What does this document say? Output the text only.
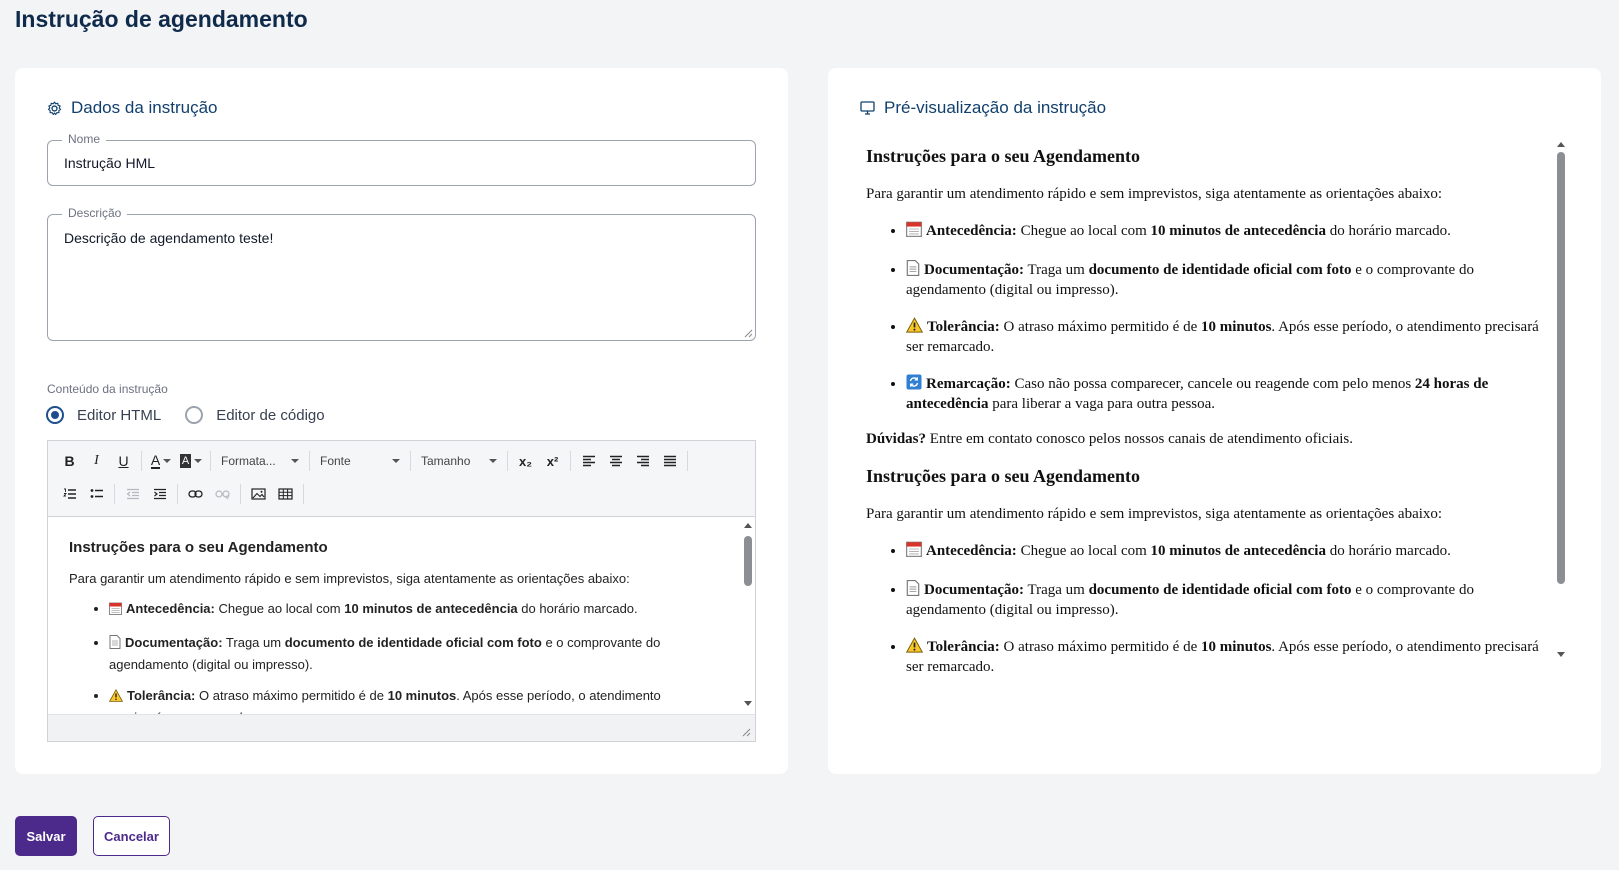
Instrução de agendamento
Dados da instrução
Nome
Instrução HML
Descrição
Descrição de agendamento teste!
Conteúdo da instrução
Editor HTML	Editor de código
B	I	U	A A	Formata...	Fonte	Tamanho	x₂	x²
Instruções para o seu Agendamento

Para garantir um atendimento rápido e sem imprevistos, siga atentamente as orientações abaixo:

• Antecedência: Chegue ao local com 10 minutos de antecedência do horário marcado.
• Documentação: Traga um documento de identidade oficial com foto e o comprovante do agendamento (digital ou impresso).
• Tolerância: O atraso máximo permitido é de 10 minutos. Após esse período, o atendimento
Pré-visualização da instrução
Instruções para o seu Agendamento
Para garantir um atendimento rápido e sem imprevistos, siga atentamente as orientações abaixo:
• Antecedência: Chegue ao local com 10 minutos de antecedência do horário marcado.
• Documentação: Traga um documento de identidade oficial com foto e o comprovante do agendamento (digital ou impresso).
• Tolerância: O atraso máximo permitido é de 10 minutos. Após esse período, o atendimento precisará ser remarcado.
• Remarcação: Caso não possa comparecer, cancele ou reagende com pelo menos 24 horas de antecedência para liberar a vaga para outra pessoa.
Dúvidas? Entre em contato conosco pelos nossos canais de atendimento oficiais.
Instruções para o seu Agendamento
Para garantir um atendimento rápido e sem imprevistos, siga atentamente as orientações abaixo:
• Antecedência: Chegue ao local com 10 minutos de antecedência do horário marcado.
• Documentação: Traga um documento de identidade oficial com foto e o comprovante do agendamento (digital ou impresso).
• Tolerância: O atraso máximo permitido é de 10 minutos. Após esse período, o atendimento precisará ser remarcado.
Salvar	Cancelar
